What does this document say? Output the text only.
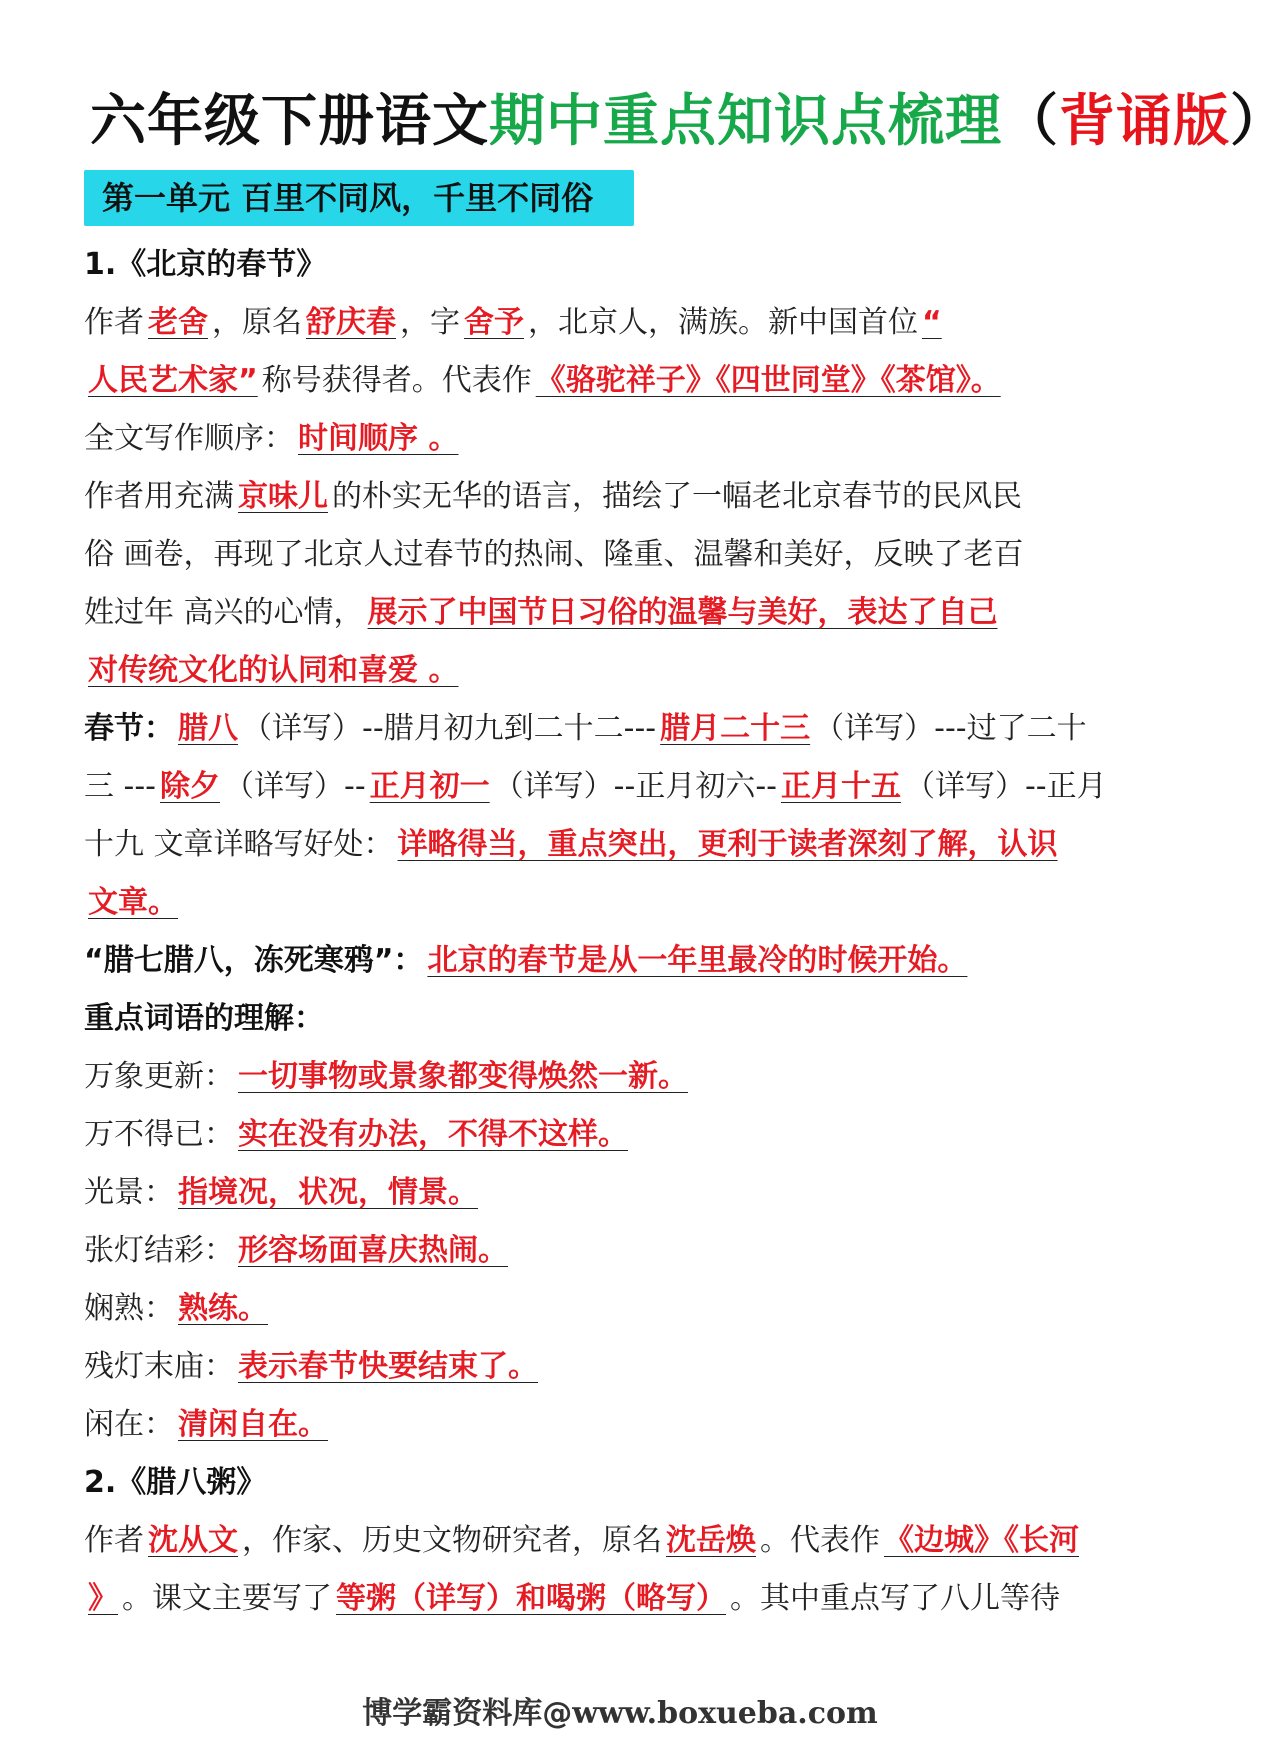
六年级下册语文期中重点知识点梳理（背诵版）
第一单元 百里不同风，千里不同俗
1.《北京的春节》
作者 老舍 ，原名 舒庆春 ，字 舍予 ，北京人，满族。新中国首位 “
人民艺术家” 称号获得者。代表作 《骆驼祥子》《四世同堂》《茶馆》。
全文写作顺序： 时间顺序 。
作者用充满 京味儿 的朴实无华的语言，描绘了一幅老北京春节的民风民
俗 画卷，再现了北京人过春节的热闹、隆重、温馨和美好，反映了老百
姓过年 高兴的心情， 展示了中国节日习俗的温馨与美好，表达了自己
对传统文化的认同和喜爱 。
春节： 腊八 （详写）--腊月初九到二十二--- 腊月二十三 （详写）---过了二十
三 --- 除夕 （详写）-- 正月初一 （详写）--正月初六-- 正月十五 （详写）--正月
十九 文章详略写好处： 详略得当，重点突出，更利于读者深刻了解，认识
文章。
“腊七腊八，冻死寒鸦”： 北京的春节是从一年里最冷的时候开始。
重点词语的理解：
万象更新： 一切事物或景象都变得焕然一新。
万不得已： 实在没有办法，不得不这样。
光景： 指境况，状况，情景。
张灯结彩： 形容场面喜庆热闹。
娴熟： 熟练。
残灯末庙： 表示春节快要结束了。
闲在： 清闲自在。
2.《腊八粥》
作者 沈从文 ，作家、历史文物研究者，原名 沈岳焕 。代表作 《边城》《长河
》 。课文主要写了 等粥（详写）和喝粥（略写） 。其中重点写了八儿等待
博学霸资料库@www.boxueba.com
